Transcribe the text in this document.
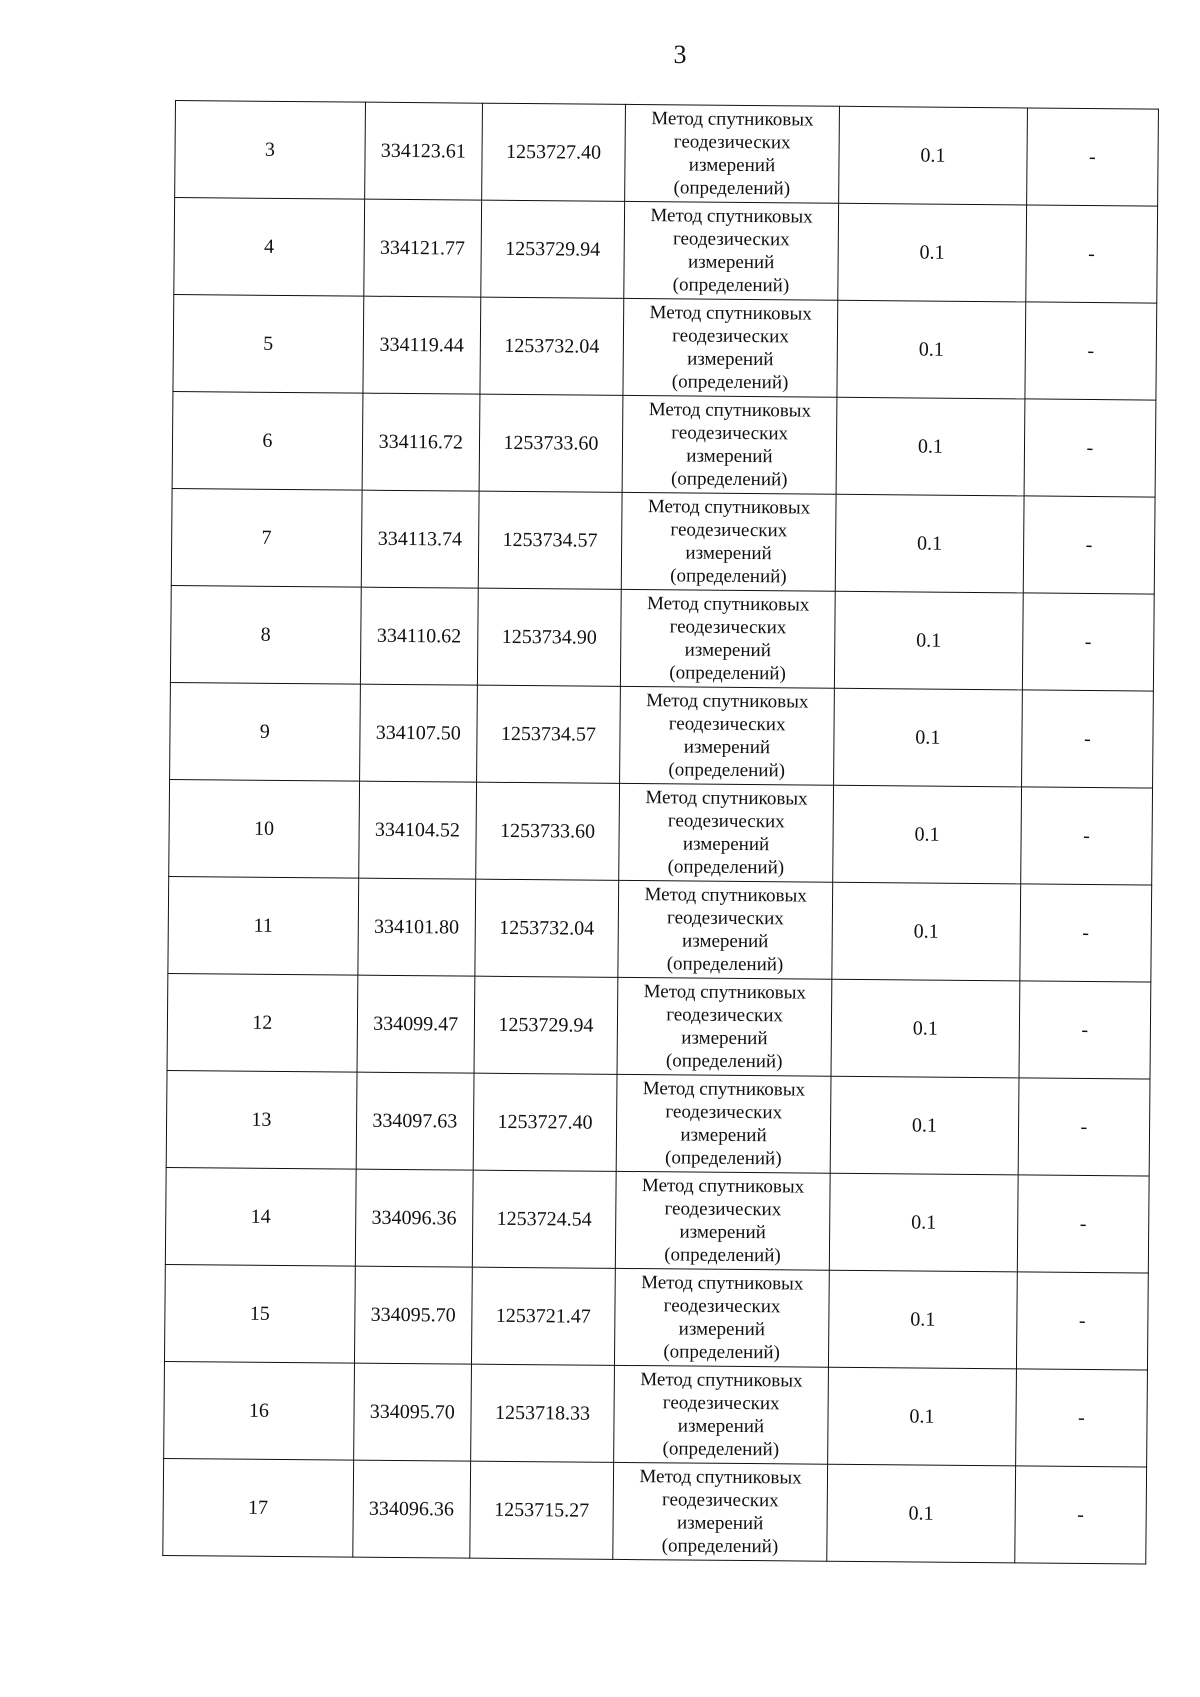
3
3	334123.61	1253727.40	Метод спутниковых
геодезических
измерений
(определений)	0.1	-
4	334121.77	1253729.94	Метод спутниковых
геодезических
измерений
(определений)	0.1	-
5	334119.44	1253732.04	Метод спутниковых
геодезических
измерений
(определений)	0.1	-
6	334116.72	1253733.60	Метод спутниковых
геодезических
измерений
(определений)	0.1	-
7	334113.74	1253734.57	Метод спутниковых
геодезических
измерений
(определений)	0.1	-
8	334110.62	1253734.90	Метод спутниковых
геодезических
измерений
(определений)	0.1	-
9	334107.50	1253734.57	Метод спутниковых
геодезических
измерений
(определений)	0.1	-
10	334104.52	1253733.60	Метод спутниковых
геодезических
измерений
(определений)	0.1	-
11	334101.80	1253732.04	Метод спутниковых
геодезических
измерений
(определений)	0.1	-
12	334099.47	1253729.94	Метод спутниковых
геодезических
измерений
(определений)	0.1	-
13	334097.63	1253727.40	Метод спутниковых
геодезических
измерений
(определений)	0.1	-
14	334096.36	1253724.54	Метод спутниковых
геодезических
измерений
(определений)	0.1	-
15	334095.70	1253721.47	Метод спутниковых
геодезических
измерений
(определений)	0.1	-
16	334095.70	1253718.33	Метод спутниковых
геодезических
измерений
(определений)	0.1	-
17	334096.36	1253715.27	Метод спутниковых
геодезических
измерений
(определений)	0.1	-
